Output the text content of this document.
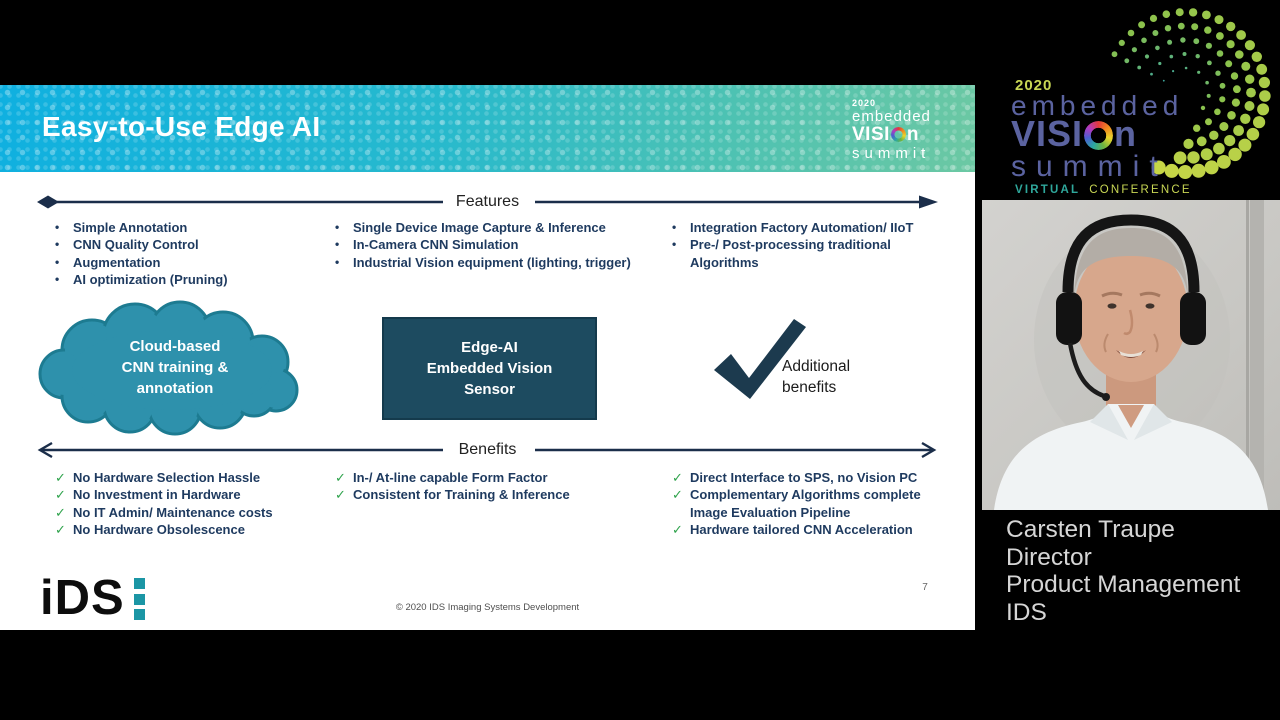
Easy-to-Use Edge AI
2020
embedded
VISI n
summit
Features
•	Simple Annotation
•	CNN Quality Control
•	Augmentation
•	AI optimization (Pruning)
•	Single Device Image Capture & Inference
•	In-Camera CNN Simulation
•	Industrial Vision equipment (lighting, trigger)
•	Integration Factory Automation/ IIoT
•	Pre-/ Post-processing traditional Algorithms
Cloud-based
CNN training &
annotation
Edge-AI
Embedded Vision
Sensor
Additional
benefits
Benefits
✓ No Hardware Selection Hassle
✓ No Investment in Hardware
✓ No IT Admin/ Maintenance costs
✓ No Hardware Obsolescence
✓ In-/ At-line capable Form Factor
✓ Consistent for Training & Inference
✓ Direct Interface to SPS, no Vision PC
✓ Complementary Algorithms complete Image Evaluation Pipeline
✓ Hardware tailored CNN Acceleration
iDS	© 2020 IDS Imaging Systems Development
7
2020
embedded
VISI n
summit
VIRTUAL CONFERENCE
Carsten Traupe
Director
Product Management
IDS
